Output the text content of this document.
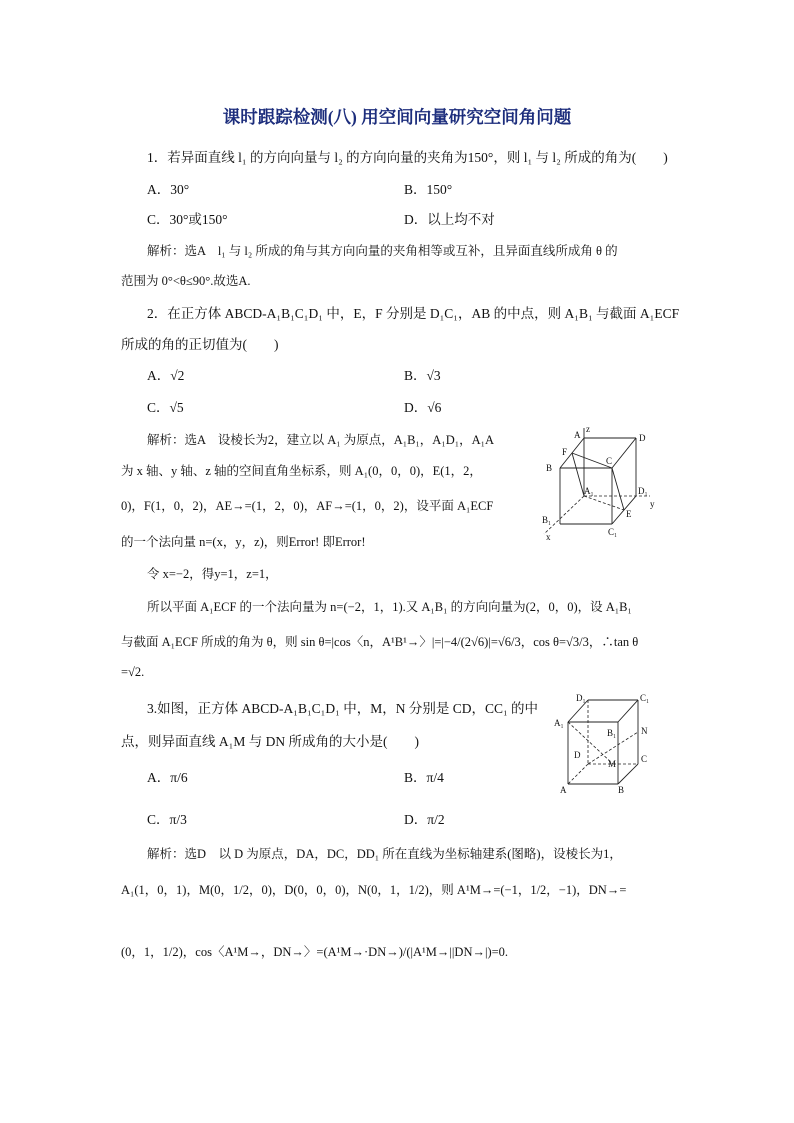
课时跟踪检测(八) 用空间向量研究空间角问题
1．若异面直线 l₁ 的方向向量与 l₂ 的方向向量的夹角为150°，则 l₁ 与 l₂ 所成的角为(　　)
A．30°	B．150°
C．30°或150°	D．以上均不对
解析：选A　l₁ 与 l₂ 所成的角与其方向向量的夹角相等或互补，且异面直线所成角 θ 的
范围为 0°<θ≤90°.故选A.
2．在正方体 ABCD-A₁B₁C₁D₁ 中，E，F 分别是 D₁C₁，AB 的中点，则 A₁B₁ 与截面 A₁ECF
所成的角的正切值为(　　)
A．√2	B．√3
C．√5	D．√6
解析：选A　设棱长为2，建立以 A₁ 为原点，A₁B₁，A₁D₁，A₁A
为 x 轴、y 轴、z 轴的空间直角坐标系，则 A₁(0，0，0)，E(1，2，
0)，F(1，0，2)，AE→=(1，2，0)，AF→=(1，0，2)，设平面 A₁ECF
的一个法向量 n=(x，y，z)，则Error! 即Error!
令 x=−2，得y=1，z=1，
所以平面 A₁ECF 的一个法向量为 n=(−2，1，1).又 A₁B₁ 的方向向量为(2，0，0)，设 A₁B₁
与截面 A₁ECF 所成的角为 θ，则 sin θ=|cos〈n，A¹B¹→〉|=|−4/(2√6)|=√6/3，cos θ=√3/3，∴tan θ
=√2.
A
z
D
B
F
C
A₁	D₁
y
E
B₁
C₁
x
3.如图，正方体 ABCD-A₁B₁C₁D₁ 中，M，N 分别是 CD，CC₁ 的中
点，则异面直线 A₁M 与 DN 所成角的大小是(　　)
A．π/6	B．π/4
C．π/3	D．π/2
解析：选D　以 D 为原点，DA，DC，DD₁ 所在直线为坐标轴建系(图略)，设棱长为1，
A₁(1，0，1)，M(0，1/2，0)，D(0，0，0)，N(0，1，1/2)，则 A¹M→=(−1，1/2，−1)，DN→=
(0，1，1/2)，cos〈A¹M→，DN→〉=(A¹M→·DN→)/(|A¹M→||DN→|)=0.
D₁	C₁
A₁
B₁	N
D
M	C
A	B
